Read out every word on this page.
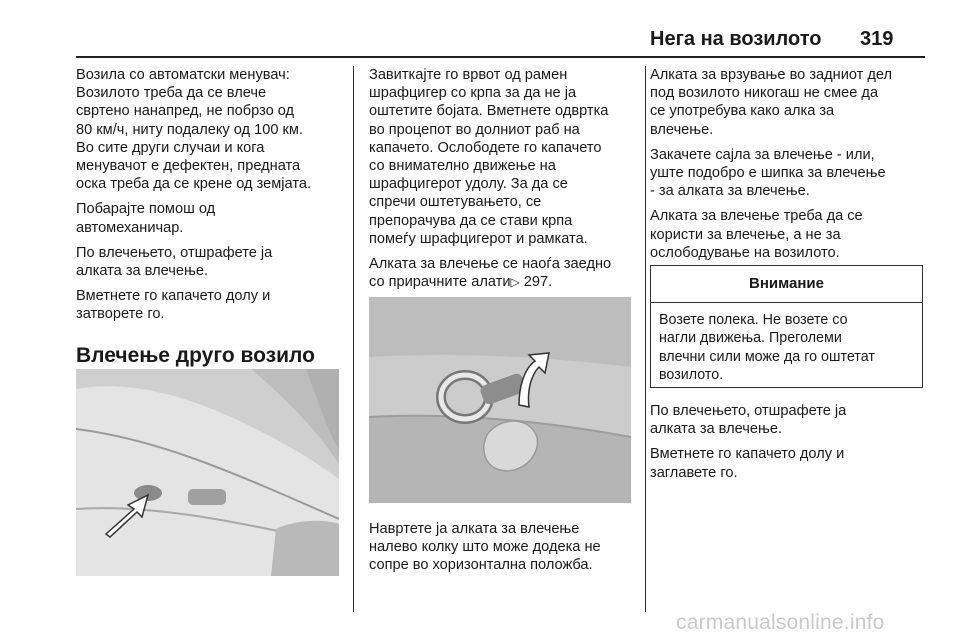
Нега на возилото 319

Возила со автоматски менувач:
Возилото треба да се влече
свртено нанапред, не побрзо од
80 км/ч, ниту подалеку од 100 км.
Во сите други случаи и кога
менувачот е дефектен, предната
оска треба да се крене од земјата.

Побарајте помош од
автомеханичар.

По влечењето, отшрафете ја
алката за влечење.

Вметнете го капачето долу и
затворете го.

Влечење друго возило

Завиткајте го врвот од рамен
шрафцигер со крпа за да не ја
оштетите бојата. Вметнете одвртка
во процепот во долниот раб на
капачето. Ослободете го капачето
со внимателно движење на
шрафцигерот удолу. За да се
спречи оштетувањето, се
препорачува да се стави крпа
помеѓу шрафцигерот и рамката.

Алката за влечење се наоѓа заедно
со прирачните алати▷ 297.

Навртете ја алката за влечење
налево колку што може додека не
сопре во хоризонтална положба.

Алката за врзување во задниот дел
под возилото никогаш не смее да
се употребува како алка за
влечење.

Закачете сајла за влечење - или,
уште подобро е шипка за влечење
- за алката за влечење.

Алката за влечење треба да се
користи за влечење, а не за
ослободување на возилото.

Внимание
Возете полека. Не возете со
нагли движења. Преголеми
влечни сили може да го оштетат
возилото.

По влечењето, отшрафете ја
алката за влечење.

Вметнете го капачето долу и
заглавете го.

carmanualsonline.info
